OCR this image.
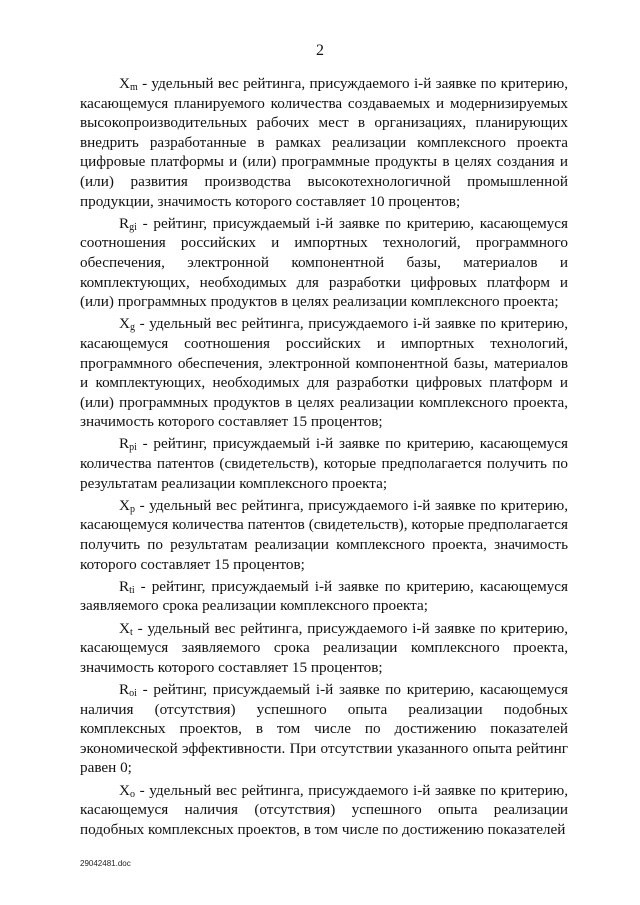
2

$X_m$ - удельный вес рейтинга, присуждаемого i-й заявке по критерию, касающемуся планируемого количества создаваемых и модернизируемых высокопроизводительных рабочих мест в организациях, планирующих внедрить разработанные в рамках реализации комплексного проекта цифровые платформы и (или) программные продукты в целях создания и (или) развития производства высокотехнологичной промышленной продукции, значимость которого составляет 10 процентов;

$R_{gi}$ - рейтинг, присуждаемый i-й заявке по критерию, касающемуся соотношения российских и импортных технологий, программного обеспечения, электронной компонентной базы, материалов и комплектующих, необходимых для разработки цифровых платформ и (или) программных продуктов в целях реализации комплексного проекта;

$X_g$ - удельный вес рейтинга, присуждаемого i-й заявке по критерию, касающемуся соотношения российских и импортных технологий, программного обеспечения, электронной компонентной базы, материалов и комплектующих, необходимых для разработки цифровых платформ и (или) программных продуктов в целях реализации комплексного проекта, значимость которого составляет 15 процентов;

$R_{pi}$ - рейтинг, присуждаемый i-й заявке по критерию, касающемуся количества патентов (свидетельств), которые предполагается получить по результатам реализации комплексного проекта;

$X_p$ - удельный вес рейтинга, присуждаемого i-й заявке по критерию, касающемуся количества патентов (свидетельств), которые предполагается получить по результатам реализации комплексного проекта, значимость которого составляет 15 процентов;

$R_{ti}$ - рейтинг, присуждаемый i-й заявке по критерию, касающемуся заявляемого срока реализации комплексного проекта;

$X_t$ - удельный вес рейтинга, присуждаемого i-й заявке по критерию, касающемуся заявляемого срока реализации комплексного проекта, значимость которого составляет 15 процентов;

$R_{oi}$ - рейтинг, присуждаемый i-й заявке по критерию, касающемуся наличия (отсутствия) успешного опыта реализации подобных комплексных проектов, в том числе по достижению показателей экономической эффективности. При отсутствии указанного опыта рейтинг равен 0;

$X_o$ - удельный вес рейтинга, присуждаемого i-й заявке по критерию, касающемуся наличия (отсутствия) успешного опыта реализации подобных комплексных проектов, в том числе по достижению показателей

29042481.doc
